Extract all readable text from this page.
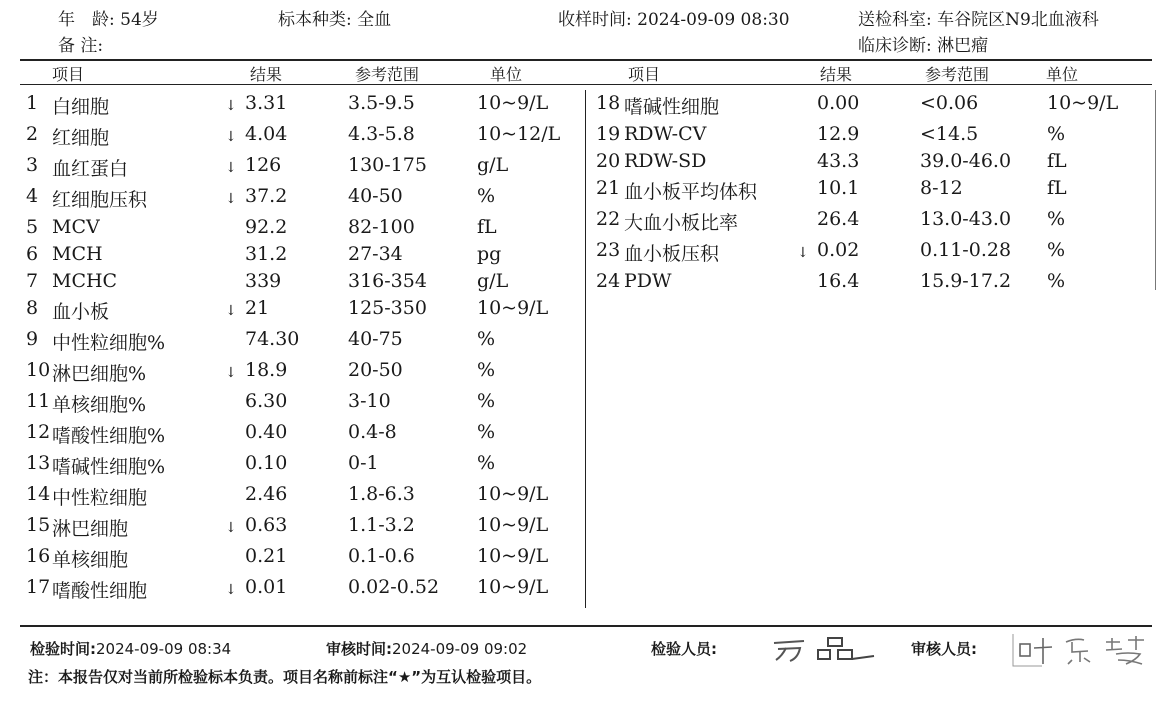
年　龄: 54岁	标本种类: 全血	收样时间: 2024-09-09 08:30	送检科室: 车谷院区N9北血液科
备 注:	临床诊断: 淋巴瘤
项目	结果	参考范围	单位	项目	结果	参考范围	单位
1 白细胞	↓ 3.31	3.5-9.5	10~9/L
2 红细胞	↓ 4.04	4.3-5.8	10~12/L
3 血红蛋白	↓ 126	130-175	g/L
4 红细胞压积	↓ 37.2	40-50	%
5 MCV	92.2	82-100	fL
6 MCH	31.2	27-34	pg
7 MCHC	339	316-354	g/L
8 血小板	↓ 21	125-350	10~9/L
9 中性粒细胞%	74.30	40-75	%
10 淋巴细胞%	↓ 18.9	20-50	%
11 单核细胞%	6.30	3-10	%
12 嗜酸性细胞%	0.40	0.4-8	%
13 嗜碱性细胞%	0.10	0-1	%
14 中性粒细胞	2.46	1.8-6.3	10~9/L
15 淋巴细胞	↓ 0.63	1.1-3.2	10~9/L
16 单核细胞	0.21	0.1-0.6	10~9/L
17 嗜酸性细胞	↓ 0.01	0.02-0.52 10~9/L
18 嗜碱性细胞	0.00	<0.06	10~9/L
19 RDW-CV	12.9	<14.5	%
20 RDW-SD	43.3	39.0-46.0 fL
21 血小板平均体积	10.1	8-12	fL
22 大血小板比率	26.4	13.0-43.0 %
23 血小板压积	↓ 0.02	0.11-0.28 %
24 PDW	16.4	15.9-17.2 %
检验时间:2024-09-09 08:34	审核时间:2024-09-09 09:02	检验人员:	审核人员:
注：本报告仅对当前所检验标本负责。项目名称前标注“★”为互认检验项目。
